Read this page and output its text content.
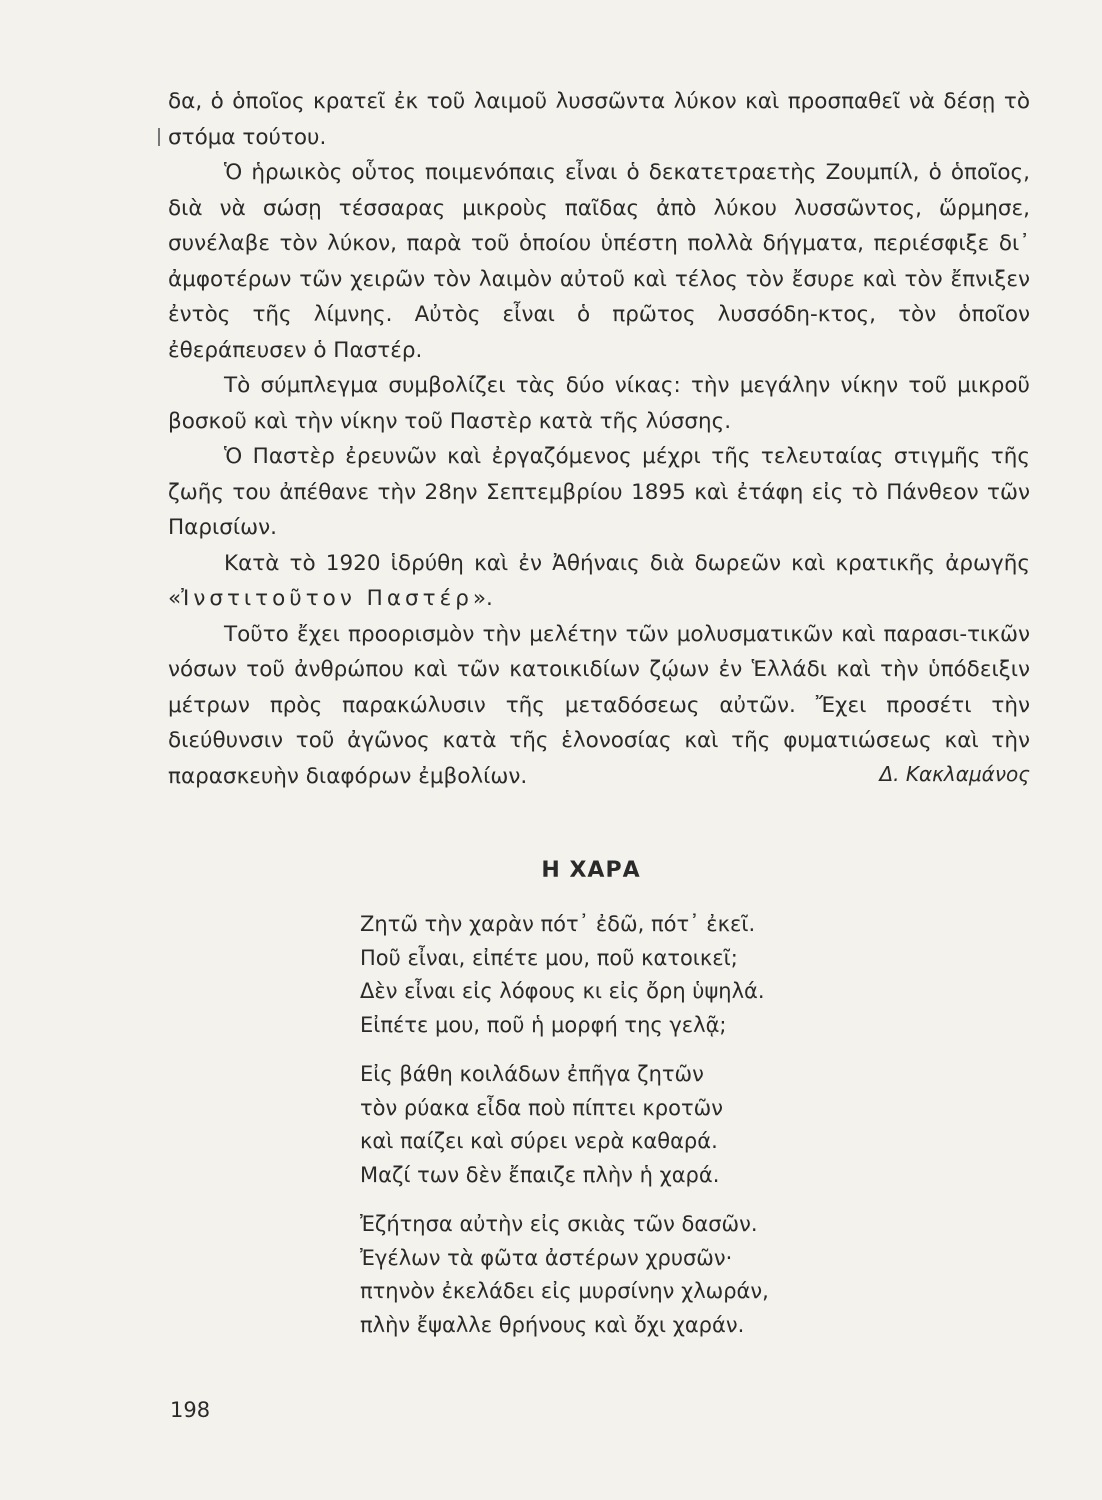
δα, ὁ ὁποῖος κρατεῖ ἐκ τοῦ λαιμοῦ λυσσῶντα λύκον καὶ προσπαθεῖ νὰ δέσῃ τὸ στόμα τούτου.

Ὁ ἡρωικὸς οὗτος ποιμενόπαις εἶναι ὁ δεκατετραετὴς Ζουμπίλ, ὁ ὁποῖος, διὰ νὰ σώσῃ τέσσαρας μικροὺς παῖδας ἀπὸ λύκου λυσσῶντος, ὥρμησε, συνέλαβε τὸν λύκον, παρὰ τοῦ ὁποίου ὑπέστη πολλὰ δήγματα, περιέσφιξε δι᾿ ἀμφοτέρων τῶν χειρῶν τὸν λαιμὸν αὐτοῦ καὶ τέλος τὸν ἔσυρε καὶ τὸν ἔπνιξεν ἐντὸς τῆς λίμνης. Αὐτὸς εἶναι ὁ πρῶτος λυσσόδη-κτος, τὸν ὁποῖον ἐθεράπευσεν ὁ Παστέρ.

Τὸ σύμπλεγμα συμβολίζει τὰς δύο νίκας: τὴν μεγάλην νίκην τοῦ μικροῦ βοσκοῦ καὶ τὴν νίκην τοῦ Παστὲρ κατὰ τῆς λύσσης.

Ὁ Παστὲρ ἐρευνῶν καὶ ἐργαζόμενος μέχρι τῆς τελευταίας στιγμῆς τῆς ζωῆς του ἀπέθανε τὴν 28ην Σεπτεμβρίου 1895 καὶ ἐτάφη εἰς τὸ Πάνθεον τῶν Παρισίων.

Κατὰ τὸ 1920 ἱδρύθη καὶ ἐν Ἀθήναις διὰ δωρεῶν καὶ κρατικῆς ἀρωγῆς «Ἰνστιτοῦτον Παστέρ».

Τοῦτο ἔχει προορισμὸν τὴν μελέτην τῶν μολυσματικῶν καὶ παρασι-τικῶν νόσων τοῦ ἀνθρώπου καὶ τῶν κατοικιδίων ζῴων ἐν Ἑλλάδι καὶ τὴν ὑπόδειξιν μέτρων πρὸς παρακώλυσιν τῆς μεταδόσεως αὐτῶν. Ἔχει προσέτι τὴν διεύθυνσιν τοῦ ἀγῶνος κατὰ τῆς ἑλονοσίας καὶ τῆς φυματιώσεως καὶ τὴν παρασκευὴν διαφόρων ἐμβολίων.	Δ. Κακλαμάνος
Η ΧΑΡΑ
Ζητῶ τὴν χαρὰν πότ᾿ ἐδῶ, πότ᾿ ἐκεῖ.
Ποῦ εἶναι, εἰπέτε μου, ποῦ κατοικεῖ;
Δὲν εἶναι εἰς λόφους κι εἰς ὄρη ὑψηλά.
Εἰπέτε μου, ποῦ ἡ μορφή της γελᾷ;
Εἰς βάθη κοιλάδων ἐπῆγα ζητῶν
τὸν ρύακα εἶδα ποὺ πίπτει κροτῶν
καὶ παίζει καὶ σύρει νερὰ καθαρά.
Μαζί των δὲν ἔπαιζε πλὴν ἡ χαρά.
Ἐζήτησα αὐτὴν εἰς σκιὰς τῶν δασῶν.
Ἐγέλων τὰ φῶτα ἀστέρων χρυσῶν·
πτηνὸν ἐκελάδει εἰς μυρσίνην χλωράν,
πλὴν ἔψαλλε θρήνους καὶ ὄχι χαράν.
198
